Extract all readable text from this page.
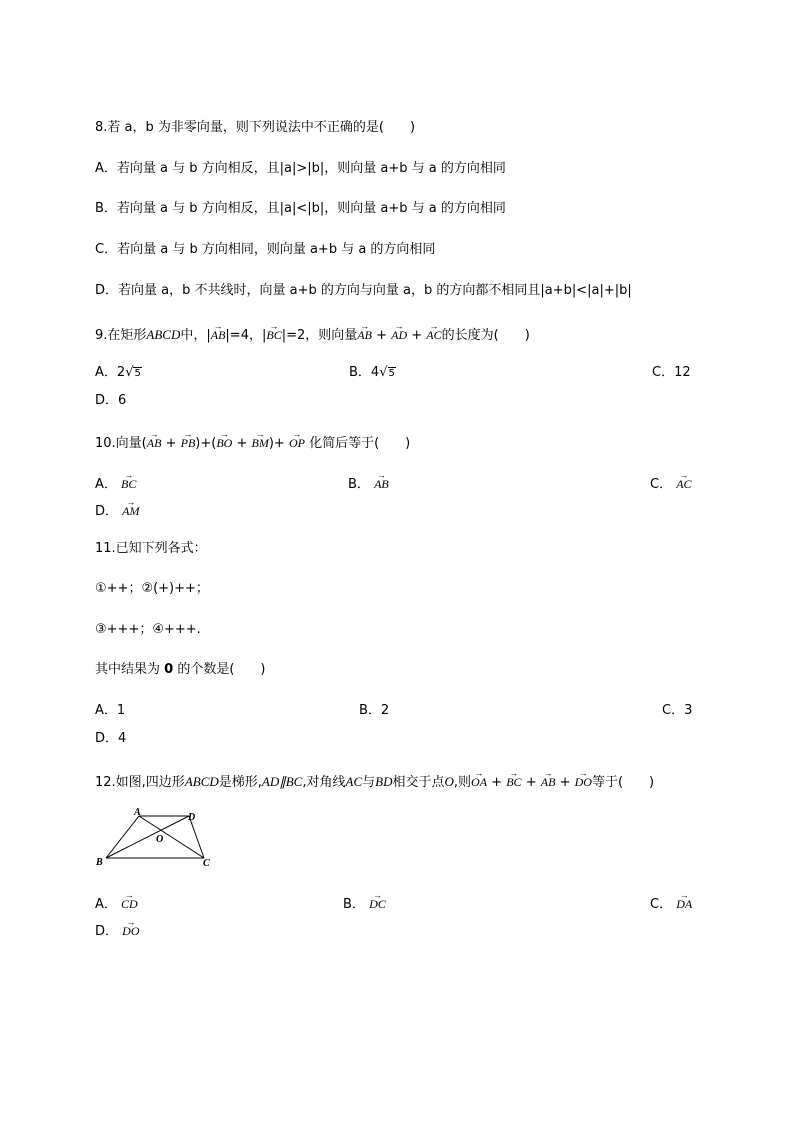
8.若 a，b 为非零向量，则下列说法中不正确的是(　　)
A．若向量 a 与 b 方向相反，且|a|>|b|，则向量 a+b 与 a 的方向相同
B．若向量 a 与 b 方向相反，且|a|<|b|，则向量 a+b 与 a 的方向相同
C．若向量 a 与 b 方向相同，则向量 a+b 与 a 的方向相同
D．若向量 a，b 不共线时，向量 a+b 的方向与向量 a，b 的方向都不相同且|a+b|<|a|+|b|
9.在矩形ABCD中，|→ AB|=4，|→ BC|=2，则向量→ AB + → AD + → AC的长度为(　　)
A．2√5	B．4√5	C．12
D．6
10.向量(→ AB + → PB)+(→ BO + → BM)+ → OP 化简后等于(　　)
A． → BC	B． → AB	C． → AC
D． → AM
11.已知下列各式：
①++；②(+)++；
③+++；④+++.
其中结果为 0 的个数是(　　)
A．1	B．2	C．3
D．4
12.如图,四边形ABCD是梯形,AD∥BC,对角线AC与BD相交于点O,则→ OA + → BC + → AB + → DO等于(　　)
A	D
O
B	C
A． → CD	B． → DC	C． → DA
D． → DO
